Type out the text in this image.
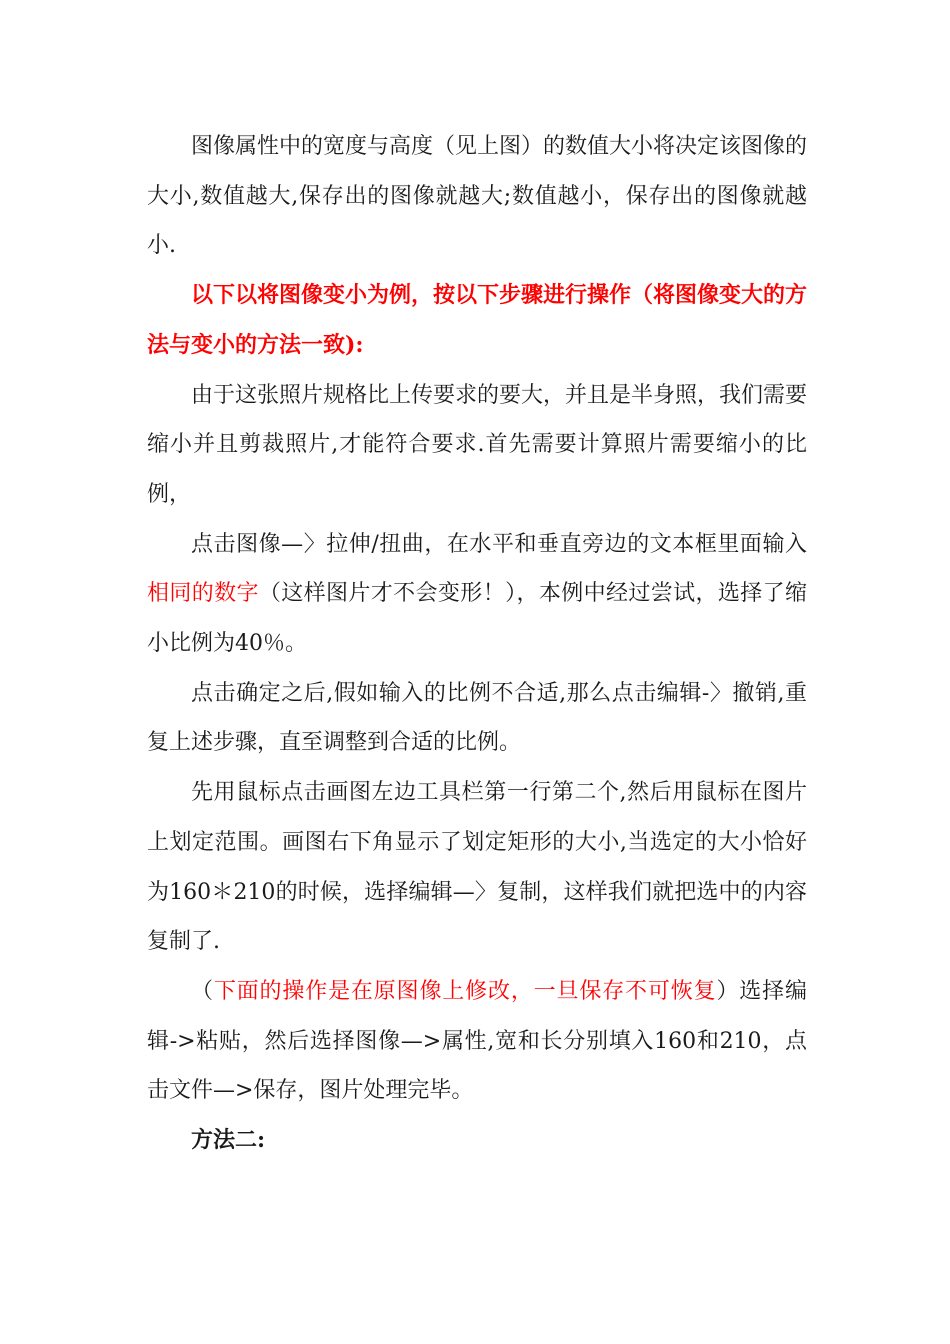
图像属性中的宽度与高度（见上图）的数值大小将决定该图像的大小,数值越大,保存出的图像就越大;数值越小，保存出的图像就越小.

以下以将图像变小为例，按以下步骤进行操作（将图像变大的方法与变小的方法一致):

由于这张照片规格比上传要求的要大，并且是半身照，我们需要缩小并且剪裁照片,才能符合要求.首先需要计算照片需要缩小的比例，

点击图像—〉拉伸/扭曲，在水平和垂直旁边的文本框里面输入相同的数字（这样图片才不会变形！），本例中经过尝试，选择了缩小比例为40％。

点击确定之后,假如输入的比例不合适,那么点击编辑-〉撤销,重复上述步骤，直至调整到合适的比例。

先用鼠标点击画图左边工具栏第一行第二个,然后用鼠标在图片上划定范围。画图右下角显示了划定矩形的大小,当选定的大小恰好为160＊210的时候，选择编辑—〉复制，这样我们就把选中的内容复制了.

（下面的操作是在原图像上修改，一旦保存不可恢复）选择编辑->粘贴，然后选择图像—>属性,宽和长分别填入160和210，点击文件—>保存，图片处理完毕。

方法二:
